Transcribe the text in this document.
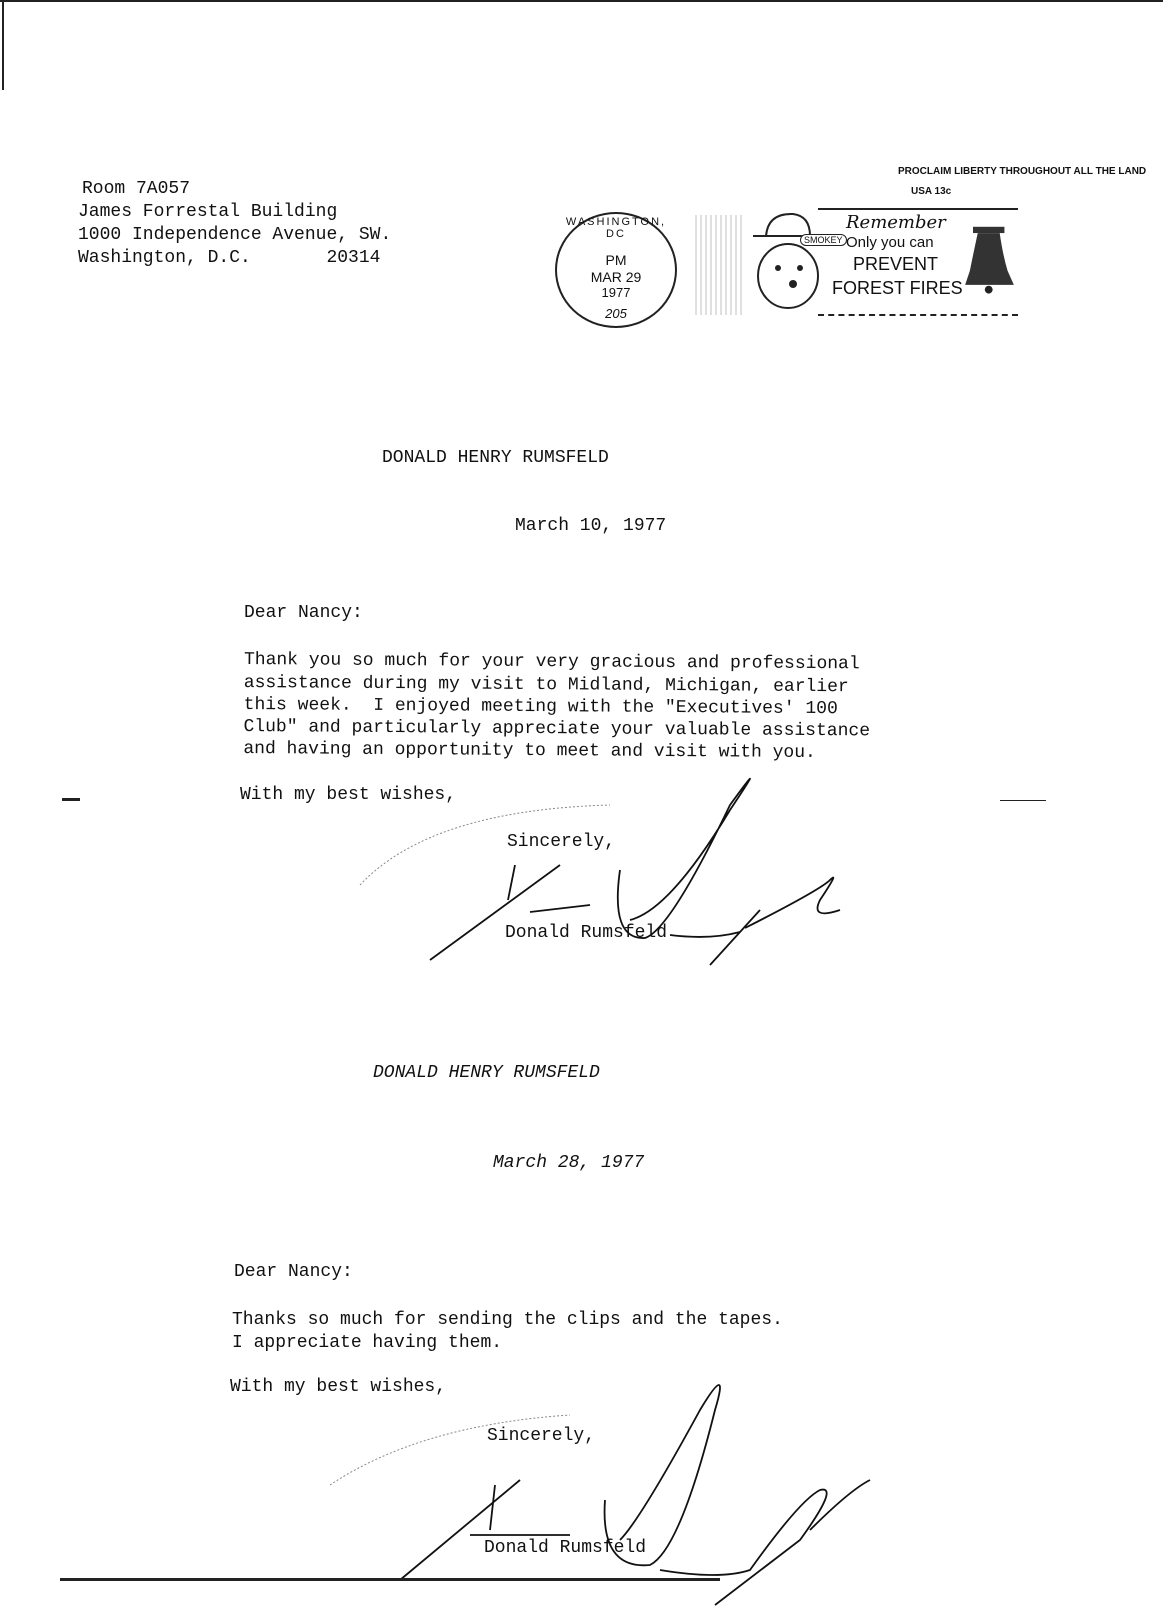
Room 7A057
James Forrestal Building
1000 Independence Avenue, SW.
Washington, D.C.       20314
WASHINGTON, DC
PM
MAR 29
1977
205
SMOKEY
Remember
Only you can
PREVENT
FOREST FIRES
PROCLAIM LIBERTY THROUGHOUT ALL THE LAND
USA 13c
DONALD HENRY RUMSFELD
March 10, 1977
Dear Nancy:
Thank you so much for your very gracious and professional
assistance during my visit to Midland, Michigan, earlier
this week.  I enjoyed meeting with the "Executives' 100
Club" and particularly appreciate your valuable assistance
and having an opportunity to meet and visit with you.
With my best wishes,
Sincerely,
Donald Rumsfeld
DONALD HENRY RUMSFELD
March 28, 1977
Dear Nancy:
Thanks so much for sending the clips and the tapes.
I appreciate having them.
With my best wishes,
Sincerely,
Donald Rumsfeld
